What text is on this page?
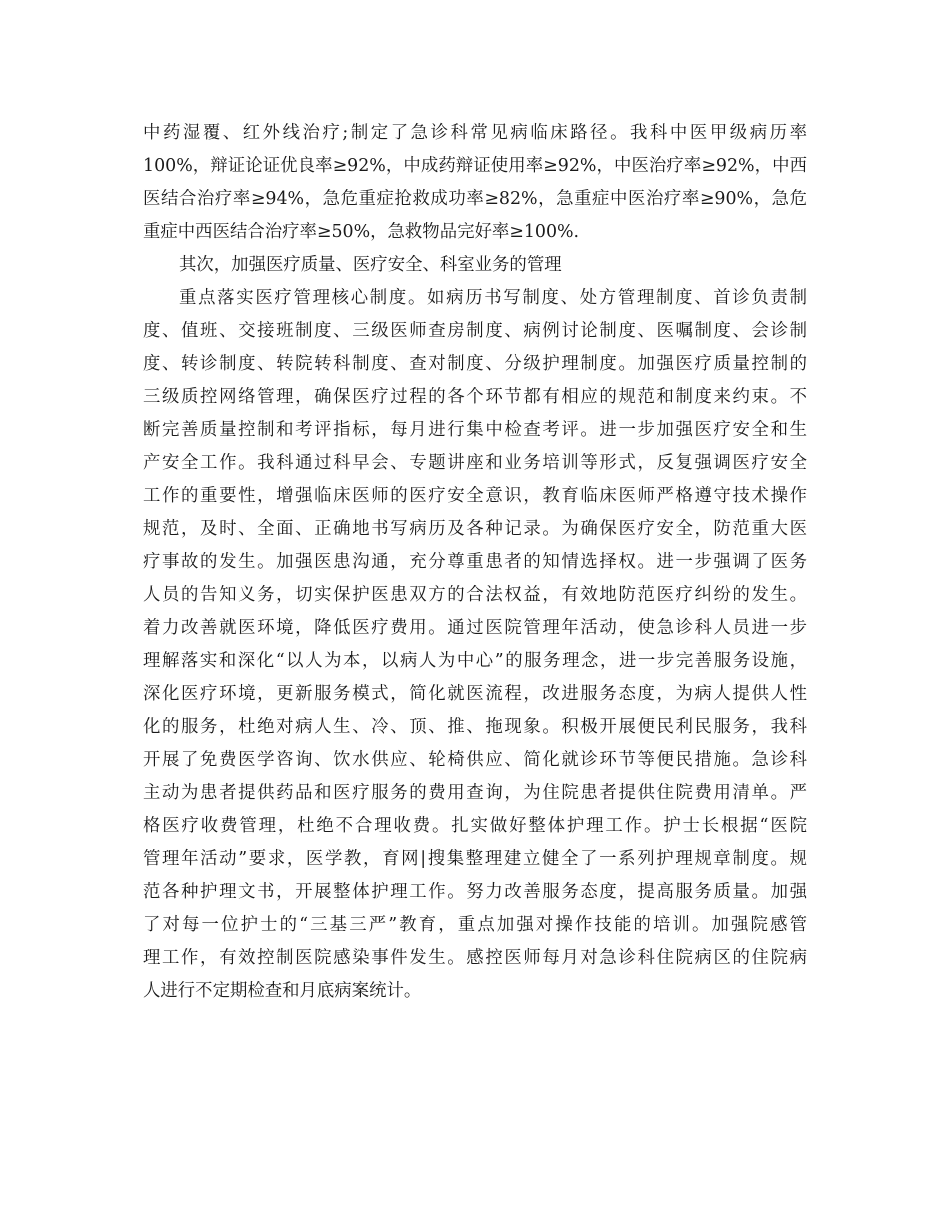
中药湿覆、红外线治疗;制定了急诊科常见病临床路径。我科中医甲级病历率
100%，辩证论证优良率≥92%，中成药辩证使用率≥92%，中医治疗率≥92%，中西
医结合治疗率≥94%，急危重症抢救成功率≥82%，急重症中医治疗率≥90%，急危
重症中西医结合治疗率≥50%，急救物品完好率≥100%.
其次，加强医疗质量、医疗安全、科室业务的管理
重点落实医疗管理核心制度。如病历书写制度、处方管理制度、首诊负责制
度、值班、交接班制度、三级医师查房制度、病例讨论制度、医嘱制度、会诊制
度、转诊制度、转院转科制度、查对制度、分级护理制度。加强医疗质量控制的
三级质控网络管理，确保医疗过程的各个环节都有相应的规范和制度来约束。不
断完善质量控制和考评指标，每月进行集中检查考评。进一步加强医疗安全和生
产安全工作。我科通过科早会、专题讲座和业务培训等形式，反复强调医疗安全
工作的重要性，增强临床医师的医疗安全意识，教育临床医师严格遵守技术操作
规范，及时、全面、正确地书写病历及各种记录。为确保医疗安全，防范重大医
疗事故的发生。加强医患沟通，充分尊重患者的知情选择权。进一步强调了医务
人员的告知义务，切实保护医患双方的合法权益，有效地防范医疗纠纷的发生。
着力改善就医环境，降低医疗费用。通过医院管理年活动，使急诊科人员进一步
理解落实和深化“以人为本，以病人为中心”的服务理念，进一步完善服务设施，
深化医疗环境，更新服务模式，简化就医流程，改进服务态度，为病人提供人性
化的服务，杜绝对病人生、冷、顶、推、拖现象。积极开展便民利民服务，我科
开展了免费医学咨询、饮水供应、轮椅供应、简化就诊环节等便民措施。急诊科
主动为患者提供药品和医疗服务的费用查询，为住院患者提供住院费用清单。严
格医疗收费管理，杜绝不合理收费。扎实做好整体护理工作。护士长根据“医院
管理年活动”要求，医学教，育网|搜集整理建立健全了一系列护理规章制度。规
范各种护理文书，开展整体护理工作。努力改善服务态度，提高服务质量。加强
了对每一位护士的“三基三严”教育，重点加强对操作技能的培训。加强院感管
理工作，有效控制医院感染事件发生。感控医师每月对急诊科住院病区的住院病
人进行不定期检查和月底病案统计。
